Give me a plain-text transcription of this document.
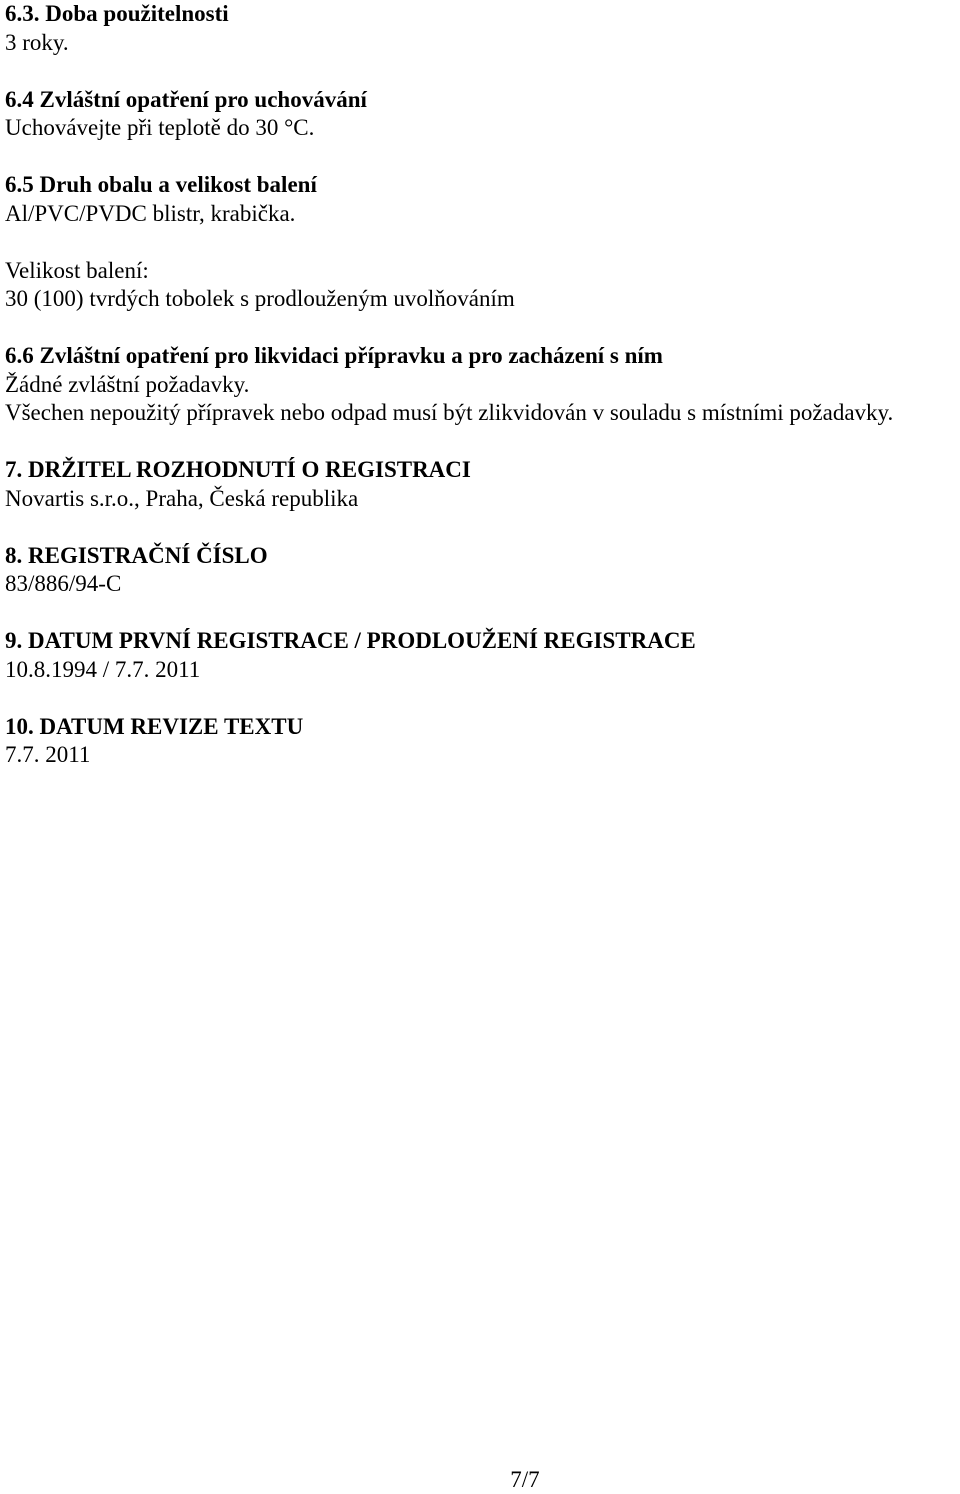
6.3. Doba použitelnosti
3 roky.
6.4 Zvláštní opatření pro uchovávání
Uchovávejte při teplotě do 30 °C.
6.5 Druh obalu a velikost balení
Al/PVC/PVDC blistr, krabička.
Velikost balení:
30 (100) tvrdých tobolek s prodlouženým uvolňováním
6.6 Zvláštní opatření pro likvidaci přípravku a pro zacházení s ním
Žádné zvláštní požadavky.
Všechen nepoužitý přípravek nebo odpad musí být zlikvidován v souladu s místními požadavky.
7. DRŽITEL ROZHODNUTÍ O REGISTRACI
Novartis s.r.o., Praha, Česká republika
8. REGISTRAČNÍ ČÍSLO
83/886/94-C
9. DATUM PRVNÍ REGISTRACE / PRODLOUŽENÍ REGISTRACE
10.8.1994 / 7.7. 2011
10. DATUM REVIZE TEXTU
7.7. 2011
7/7
